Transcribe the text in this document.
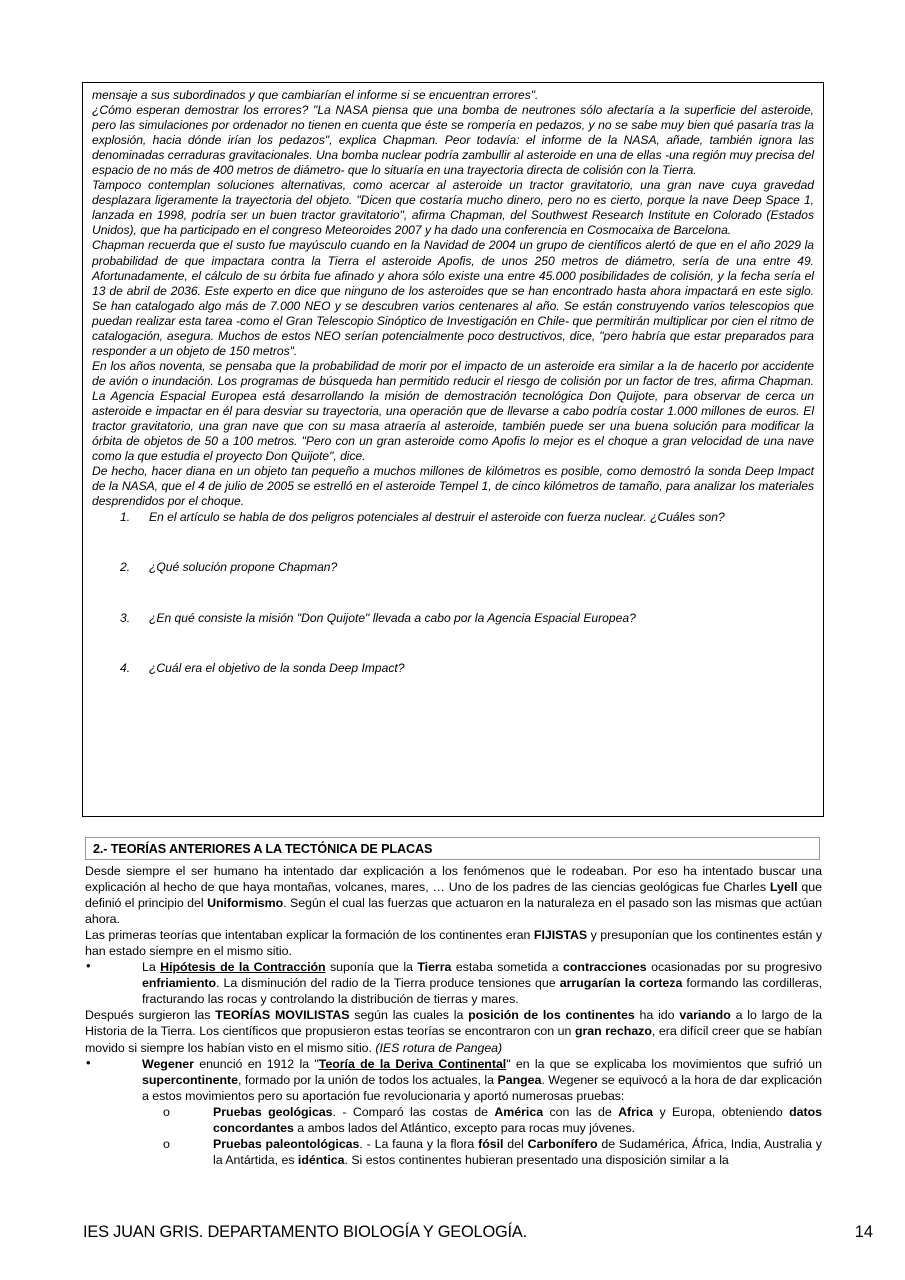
mensaje a sus subordinados y que cambiarían el informe si se encuentran errores".

¿Cómo esperan demostrar los errores? "La NASA piensa que una bomba de neutrones sólo afectaría a la superficie del asteroide, pero las simulaciones por ordenador no tienen en cuenta que éste se rompería en pedazos, y no se sabe muy bien qué pasaría tras la explosión, hacia dónde irían los pedazos", explica Chapman. Peor todavía: el informe de la NASA, añade, también ignora las denominadas cerraduras gravitacionales. Una bomba nuclear podría zambullir al asteroide en una de ellas -una región muy precisa del espacio de no más de 400 metros de diámetro- que lo situaría en una trayectoria directa de colisión con la Tierra.

Tampoco contemplan soluciones alternativas, como acercar al asteroide un tractor gravitatorio, una gran nave cuya gravedad desplazara ligeramente la trayectoria del objeto. "Dicen que costaría mucho dinero, pero no es cierto, porque la nave Deep Space 1, lanzada en 1998, podría ser un buen tractor gravitatorio", afirma Chapman, del Southwest Research Institute en Colorado (Estados Unidos), que ha participado en el congreso Meteoroides 2007 y ha dado una conferencia en Cosmocaixa de Barcelona.

Chapman recuerda que el susto fue mayúsculo cuando en la Navidad de 2004 un grupo de científicos alertó de que en el año 2029 la probabilidad de que impactara contra la Tierra el asteroide Apofis, de unos 250 metros de diámetro, sería de una entre 49. Afortunadamente, el cálculo de su órbita fue afinado y ahora sólo existe una entre 45.000 posibilidades de colisión, y la fecha sería el 13 de abril de 2036. Este experto en dice que ninguno de los asteroides que se han encontrado hasta ahora impactará en este siglo. Se han catalogado algo más de 7.000 NEO y se descubren varios centenares al año. Se están construyendo varios telescopios que puedan realizar esta tarea -como el Gran Telescopio Sinóptico de Investigación en Chile- que permitirán multiplicar por cien el ritmo de catalogación, asegura. Muchos de estos NEO serían potencialmente poco destructivos, dice, "pero habría que estar preparados para responder a un objeto de 150 metros".

En los años noventa, se pensaba que la probabilidad de morir por el impacto de un asteroide era similar a la de hacerlo por accidente de avión o inundación. Los programas de búsqueda han permitido reducir el riesgo de colisión por un factor de tres, afirma Chapman. La Agencia Espacial Europea está desarrollando la misión de demostración tecnológica Don Quijote, para observar de cerca un asteroide e impactar en él para desviar su trayectoria, una operación que de llevarse a cabo podría costar 1.000 millones de euros. El tractor gravitatorio, una gran nave que con su masa atraería al asteroide, también puede ser una buena solución para modificar la órbita de objetos de 50 a 100 metros. "Pero con un gran asteroide como Apofis lo mejor es el choque a gran velocidad de una nave como la que estudia el proyecto Don Quijote", dice.

De hecho, hacer diana en un objeto tan pequeño a muchos millones de kilómetros es posible, como demostró la sonda Deep Impact de la NASA, que el 4 de julio de 2005 se estrelló en el asteroide Tempel 1, de cinco kilómetros de tamaño, para analizar los materiales desprendidos por el choque.

1. En el artículo se habla de dos peligros potenciales al destruir el asteroide con fuerza nuclear. ¿Cuáles son?
2. ¿Qué solución propone Chapman?
3. ¿En qué consiste la misión "Don Quijote" llevada a cabo por la Agencia Espacial Europea?
4. ¿Cuál era el objetivo de la sonda Deep Impact?
2.- TEORÍAS ANTERIORES A LA TECTÓNICA DE PLACAS

Desde siempre el ser humano ha intentado dar explicación a los fenómenos que le rodeaban. Por eso ha intentado buscar una explicación al hecho de que haya montañas, volcanes, mares, … Uno de los padres de las ciencias geológicas fue Charles Lyell que definió el principio del Uniformismo. Según el cual las fuerzas que actuaron en la naturaleza en el pasado son las mismas que actúan ahora.

Las primeras teorías que intentaban explicar la formación de los continentes eran FIJISTAS y presuponían que los continentes están y han estado siempre en el mismo sitio.

•	La Hipótesis de la Contracción suponía que la Tierra estaba sometida a contracciones ocasionadas por su progresivo enfriamiento. La disminución del radio de la Tierra produce tensiones que arrugarían la corteza formando las cordilleras, fracturando las rocas y controlando la distribución de tierras y mares.

Después surgieron las TEORÍAS MOVILISTAS según las cuales la posición de los continentes ha ido variando a lo largo de la Historia de la Tierra. Los científicos que propusieron estas teorías se encontraron con un gran rechazo, era difícil creer que se habían movido si siempre los habían visto en el mismo sitio. (IES rotura de Pangea)

•	Wegener enunció en 1912 la "Teoría de la Deriva Continental" en la que se explicaba los movimientos que sufrió un supercontinente, formado por la unión de todos los actuales, la Pangea. Wegener se equivocó a la hora de dar explicación a estos movimientos pero su aportación fue revolucionaria y aportó numerosas pruebas:

o	Pruebas geológicas. - Comparó las costas de América con las de Africa y Europa, obteniendo datos concordantes a ambos lados del Atlántico, excepto para rocas muy jóvenes.

o	Pruebas paleontológicas. - La fauna y la flora fósil del Carbonífero de Sudamérica, África, India, Australia y la Antártida, es idéntica. Si estos continentes hubieran presentado una disposición similar a la

IES JUAN GRIS. DEPARTAMENTO BIOLOGÍA Y GEOLOGÍA.	14
